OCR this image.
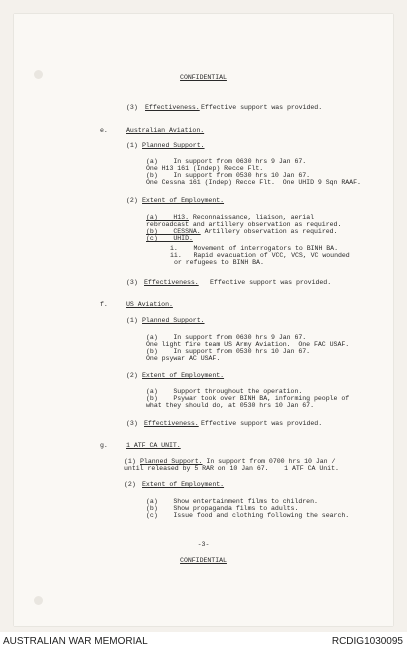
CONFIDENTIAL
(3) Effectiveness. Effective support was provided.
e.	Australian Aviation.
(1) Planned Support.
(a)    In support from 0630 hrs 9 Jan 67.
One H13 161 (Indep) Recce Flt.
(b)    In support from 0530 hrs 10 Jan 67.
One Cessna 161 (Indep) Recce Flt.  One UHID 9 Sqn RAAF.
(2) Extent of Employment.
(a)    H13. Reconnaissance, liaison, aerial
rebroadcast and artillery observation as required.
(b)    CESSNA. Artillery observation as required.
(c)    UHID.
i.    Movement of interrogators to BINH BA.
ii.   Rapid evacuation of VCC, VCS, VC wounded
or refugees to BINH BA.
(3) Effectiveness. Effective support was provided.
f.	US Aviation.
(1) Planned Support.
(a)    In support from 0630 hrs 9 Jan 67.
One light fire team US Army Aviation.  One FAC USAF.
(b)    In support from 0530 hrs 10 Jan 67.
One psywar AC USAF.
(2) Extent of Employment.
(a)    Support throughout the operation.
(b)    Psywar took over BINH BA, informing people of
what they should do, at 0530 hrs 10 Jan 67.
(3) Effectiveness. Effective support was provided.
g.	1 ATF CA UNIT.
(1) Planned Support. In support from 0700 hrs 10 Jan /
until released by 5 RAR on 10 Jan 67.    1 ATF CA Unit.
(2) Extent of Employment.
(a)    Show entertainment films to children.
(b)    Show propaganda films to adults.
(c)    Issue food and clothing following the search.
-3-
CONFIDENTIAL
AUSTRALIAN WAR MEMORIAL	RCDIG1030095
